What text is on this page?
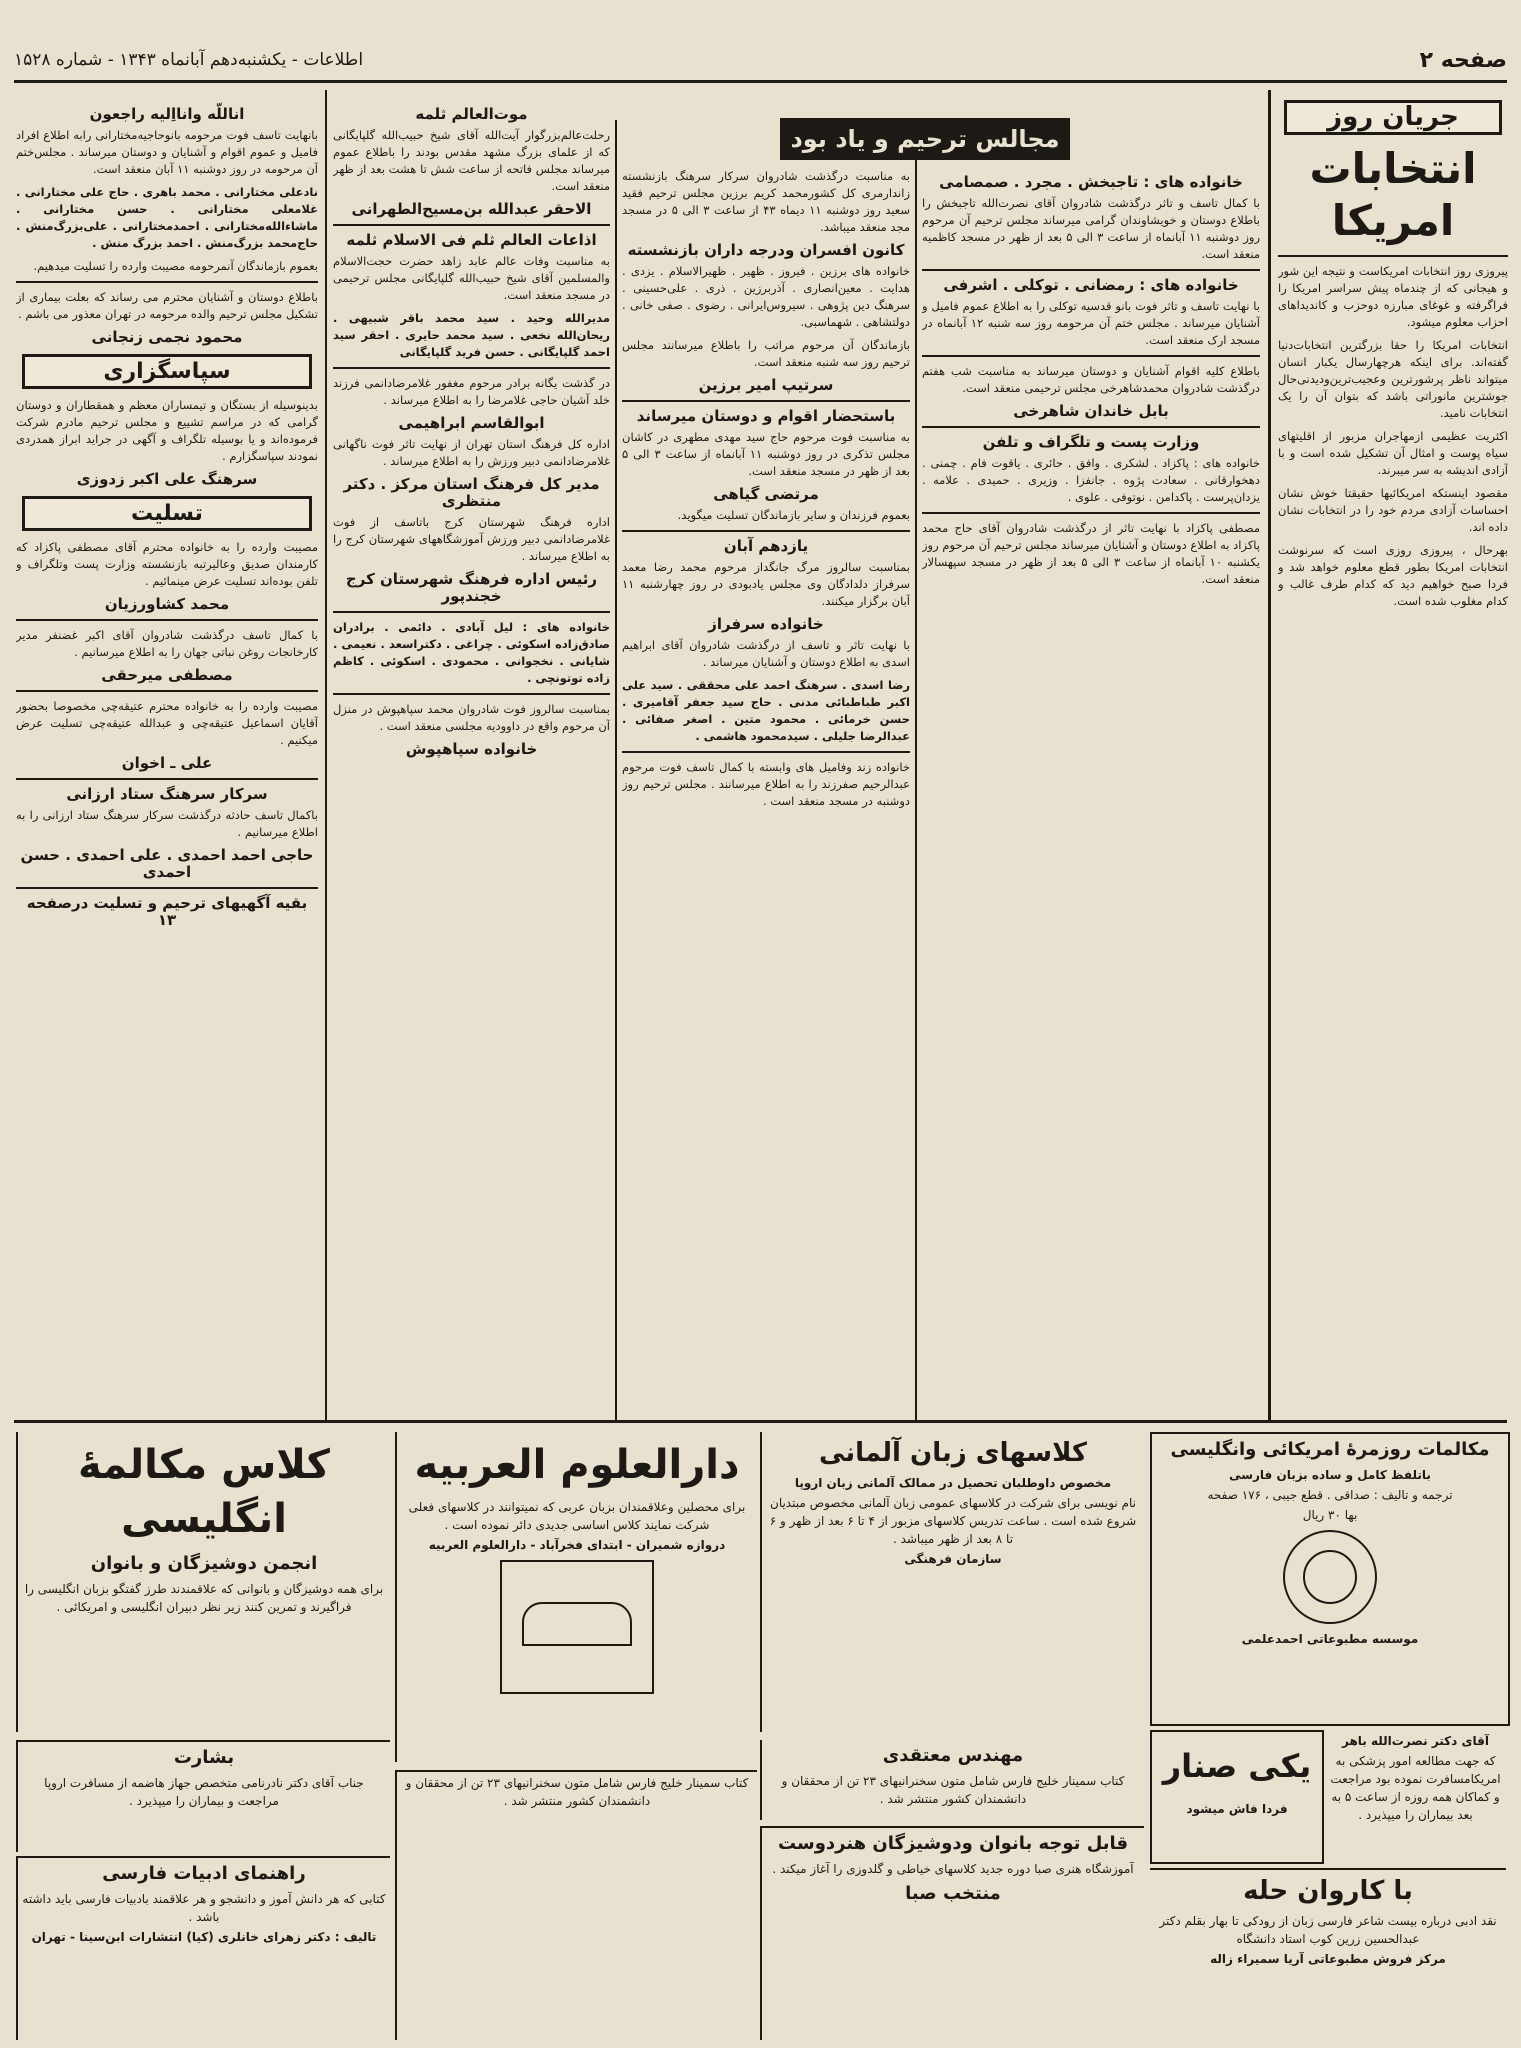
صفحه ۲
اطلاعات - یکشنبه‌دهم آبانماه ۱۳۴۳ - شماره ۱۵۲۸
جریان روز
انتخابات امریکا

پیروزی روز انتخابات امریکاست و نتیجه این شور و هیجانی که از چندماه پیش سراسر امریکا را فراگرفته و غوغای مبارزه دوحزب و کاندیداهای احزاب معلوم میشود.

انتخابات امریکا را حقا بزرگترین انتخابات‌دنیا گفته‌اند. برای اینکه هرچهارسال یکبار انسان میتواند ناظر پرشورترین وعجیب‌ترین‌ودیدنی‌حال ‌جوشترین مانوراتی باشد که بتوان آن را یک انتخابات نامید.

اکثریت عظیمی ازمهاجران مزبور از اقلیتهای سیاه پوست و امثال آن تشکیل شده است و با آزادی اندیشه به سر میبرند.

مقصود اینستکه امریکائیها حقیقتا خوش نشان احساسات آزادی مردم خود را در انتخابات نشان داده اند.

بهرحال ، پیروزی روزی است که سرنوشت انتخابات امریکا بطور قطع معلوم خواهد شد و فردا صبح خواهیم دید که کدام طرف غالب و کدام مغلوب شده است.

مجالس ترحیم و یاد بود
خانواده های : تاجبخش . مجرد . صمصامی

با کمال تاسف و تاثر درگذشت شادروان آقای نصرت‌الله تاجبخش را باطلاع دوستان و خویشاوندان گرامی میرساند مجلس ترحیم آن مرحوم روز دوشنبه ۱۱ آبانماه از ساعت ۳ الی ۵ بعد از ظهر در مسجد کاظمیه منعقد است.

خانواده های : رمضانی . توکلی . اشرفی

با نهایت تاسف و تاثر فوت بانو قدسیه توکلی را به اطلاع عموم فامیل و آشنایان میرساند . مجلس ختم آن مرحومه روز سه شنبه ۱۲ آبانماه در مسجد ارک منعقد است.

باطلاع کلیه اقوام آشنایان و دوستان میرساند به مناسبت شب هفتم درگذشت شادروان محمدشاهرخی مجلس ترحیمی منعقد است.

بابل خاندان شاهرخی
وزارت پست و تلگراف و تلفن

خانواده های : پاکزاد . لشکری . وافق . حائری . یاقوت فام . چمنی . دهخوارقانی . سعادت پژوه . جانفزا . وزیری . حمیدی . علامه . یزدان‌پرست . پاکدامن . نوتوفی . علوی .

مصطفی پاکزاد با نهایت تاثر از درگذشت شادروان آقای حاج محمد پاکزاد به اطلاع دوستان و آشنایان میرساند مجلس ترحیم آن مرحوم روز یکشنبه ۱۰ آبانماه از ساعت ۳ الی ۵ بعد از ظهر در مسجد سپهسالار منعقد است.

به مناسبت درگذشت شادروان سرکار سرهنگ بازنشسته زاندارمری کل کشورمحمد کریم برزین مجلس ترحیم فقید سعید روز دوشنبه ۱۱ دیماه ۴۳ از ساعت ۳ الی ۵ در مسجد مجد منعقد میباشد.

کانون افسران ودرجه داران بازنشسته

خانواده های برزین . فیروز . ظهیر . ظهیرالاسلام . یزدی . هدایت . معین‌انصاری . آذربرزین . ذری . علی‌حسینی . سرهنگ دین پژوهی . سیروس‌ایرانی . رضوی . صفی خانی . دولتشاهی . شهماسبی.

بازماندگان آن مرحوم مراتب را باطلاع میرسانند مجلس ترحیم روز سه شنبه منعقد است.

سرتیپ امیر برزین
باستحضار اقوام و دوستان میرساند

به مناسبت فوت مرحوم حاج سید مهدی مطهری در کاشان مجلس تذکری در روز دوشنبه ۱۱ آبانماه از ساعت ۳ الی ۵ بعد از ظهر در مسجد منعقد است.

مرتضی گیاهی

بعموم فرزندان و سایر بازماندگان تسلیت میگوید.

یازدهم آبان

بمناسبت سالروز مرگ جانگداز مرحوم محمد رضا معمد سرفراز دلدادگان وی مجلس یادبودی در روز چهارشنبه ۱۱ آبان برگزار میکنند.

خانواده سرفراز

با نهایت تاثر و تاسف از درگذشت شادروان آقای ابراهیم اسدی به اطلاع دوستان و آشنایان میرساند .

رضا اسدی . سرهنگ احمد علی محققی . سید علی اکبر طباطبائی مدنی . حاج سید جعفر آقامیری . حسن خرمائی . محمود متین . اصغر صفائی . عبدالرضا جلیلی . سیدمحمود هاشمی .

خانواده زند وفامیل های وابسته با کمال تاسف فوت مرحوم عبدالرحیم صفرزند را به اطلاع میرسانند . مجلس ترحیم روز دوشنبه در مسجد منعقد است .

موت‌العالم ثلمه

رحلت‌عالم‌بزرگوار آیت‌الله آقای شیخ حبیب‌الله گلپایگانی که از علمای بزرگ مشهد مقدس بودند را باطلاع عموم میرساند مجلس فاتحه از ساعت شش تا هشت بعد از ظهر منعقد است.

الاحقر عبدالله بن‌مسیح‌الطهرانی
اذاعات العالم ثلم فی الاسلام ثلمه

به مناسبت وفات عالم عابد زاهد حضرت حجت‌الاسلام والمسلمین آقای شیخ حبیب‌الله گلپایگانی مجلس ترحیمی در مسجد منعقد است.

مدیرالله وحید . سید محمد باقر شبیهی . ریحان‌الله نخعی . سید محمد حایری . احقر سید احمد گلپایگانی . حسن فرید گلپایگانی

در گذشت یگانه برادر مرحوم مغفور غلامرضادانمی فرزند خلد آشیان حاجی غلامرضا را به اطلاع میرساند .

ابوالقاسم ابراهیمی

اداره کل فرهنگ استان تهران از نهایت تاثر فوت ناگهانی غلامرضادانمی دبیر ورزش را به اطلاع میرساند .

مدیر کل فرهنگ استان مرکز . دکتر منتظری

اداره فرهنگ شهرستان کرج باتاسف از فوت غلامرضادانمی دبیر ورزش آموزشگاههای شهرستان کرج را به اطلاع میرساند .

رئیس اداره فرهنگ شهرستان کرج خجندپور

خانواده های : لیل آبادی . دائمی . برادران صادق‌زاده اسکوئی . چراغی . دکتراسعد . نعیمی . شایانی . نخجوانی . محمودی . اسکوئی . کاظم زاده توتونچی .

بمناسبت سالروز فوت شادروان محمد سپاهپوش در منزل آن مرحوم واقع در داوودیه مجلسی منعقد است .

خانواده سپاهپوش
اناللّه وانااِلیه راجعون

بانهایت تاسف فوت مرحومه بانوحاجیه‌مختارانی رابه اطلاع افراد فامیل و عموم اقوام و آشنایان و دوستان میرساند . مجلس‌ختم آن مرحومه در روز دوشنبه ۱۱ آبان منعقد است.

نادعلی مختارانی . محمد باهری . حاج علی مختارانی . غلامعلی مختارانی . حسن مختارانی . ماشاءالله‌مختارانی . احمدمختارانی . علی‌بزرگ‌منش . حاج‌محمد بزرگ‌منش . احمد بزرگ منش .

بعموم بازماندگان آنمرحومه مصیبت وارده را تسلیت میدهیم.

باطلاع دوستان و آشنایان محترم می رساند که بعلت بیماری از تشکیل مجلس ترحیم والده مرحومه در تهران معذور می باشم .

محمود نجمی زنجانی
سپاسگزاری

بدینوسیله از بستگان و تیمساران معظم و همقطاران و دوستان گرامی که در مراسم تشییع و مجلس ترحیم مادرم شرکت فرموده‌اند و یا بوسیله تلگراف و آگهی در جراید ابراز همدردی نمودند سپاسگزارم .

سرهنگ علی اکبر زدوزی
تسلیت

مصیبت وارده را به خانواده محترم آقای مصطفی پاکزاد که کارمندان صدیق وعالیرتبه بازنشسته وزارت پست وتلگراف و تلفن بوده‌اند تسلیت عرض مینمائیم .

محمد کشاورزیان

با کمال تاسف درگذشت شادروان آقای اکبر غضنفر مدیر کارخانجات روغن نباتی جهان را به اطلاع میرسانیم .

مصطفی میرحقی

مصیبت وارده را به خانواده محترم عتیقه‌چی مخصوصا بحضور آقایان اسماعیل عتیقه‌چی و عبدالله عتیقه‌چی تسلیت عرض میکنیم .

علی ـ اخوان
سرکار سرهنگ ستاد ارزانی

باکمال تاسف حادثه درگذشت سرکار سرهنگ ستاد ارزانی را به اطلاع میرسانیم .

حاجی احمد احمدی . علی احمدی . حسن احمدی
بقیه آگهیهای ترحیم و تسلیت درصفحه ۱۳
مکالمات روزمرهٔ امریکائی وانگلیسی

باتلفظ کامل و ساده بزبان فارسی

ترجمه و تالیف : صداقی . قطع جیبی ، ۱۷۶ صفحه

بها ۳۰ ریال

موسسه مطبوعاتی احمدعلمی

کلاسهای زبان آلمانی

مخصوص داوطلبان تحصیل در ممالک آلمانی زبان اروپا

نام نویسی برای شرکت در کلاسهای عمومی زبان آلمانی مخصوص مبتدیان شروع شده است . ساعت تدریس کلاسهای مزبور از ۴ تا ۶ بعد از ظهر و ۶ تا ۸ بعد از ظهر میباشد .

سازمان فرهنگی

دارالعلوم العربیه

برای محصلین وعلاقمندان بزبان عربی که نمیتوانند در کلاسهای فعلی شرکت نمایند کلاس اساسی جدیدی دائر نموده است .

دروازه شمیران - ابتدای فخرآباد - دارالعلوم العربیه

کلاس مکالمهٔ انگلیسی
انجمن دوشیزگان و بانوان

برای همه دوشیزگان و بانوانی که علاقمندند طرز گفتگو بزبان انگلیسی را فراگیرند و تمرین کنند زیر نظر دبیران انگلیسی و امریکائی .

یکی صنار

فردا فاش میشود

آقای دکتر نصرت‌الله باهر

که جهت مطالعه امور پزشکی به امریکامسافرت نموده بود مراجعت و کماکان همه روزه از ساعت ۵ به بعد بیماران را میپذیرد .

با کاروان حله

نقد ادبی درباره بیست شاعر فارسی زبان از رودکی تا بهار بقلم دکتر عبدالحسین زرین کوب استاد دانشگاه

مرکز فروش مطبوعاتی آریا سمیراء زاله

مهندس معتقدی

کتاب سمینار خلیج فارس شامل متون سخنرانیهای ۲۳ تن از محققان و دانشمندان کشور منتشر شد .

قابل توجه بانوان ودوشیزگان هنردوست

آموزشگاه هنری صبا دوره جدید کلاسهای خیاطی و گلدوزی را آغاز میکند .

منتخب صبا
بشارت

جناب آقای دکتر نادرنامی متخصص جهاز هاضمه از مسافرت اروپا مراجعت و بیماران را میپذیرد .

راهنمای ادبیات فارسی

کتابی که هر دانش آموز و دانشجو و هر علاقمند بادبیات فارسی باید داشته باشد .

تالیف : دکتر زهرای خانلری (کیا) انتشارات ابن‌سینا - تهران

کتاب سمینار خلیج فارس شامل متون سخنرانیهای ۲۳ تن از محققان و دانشمندان کشور منتشر شد .
